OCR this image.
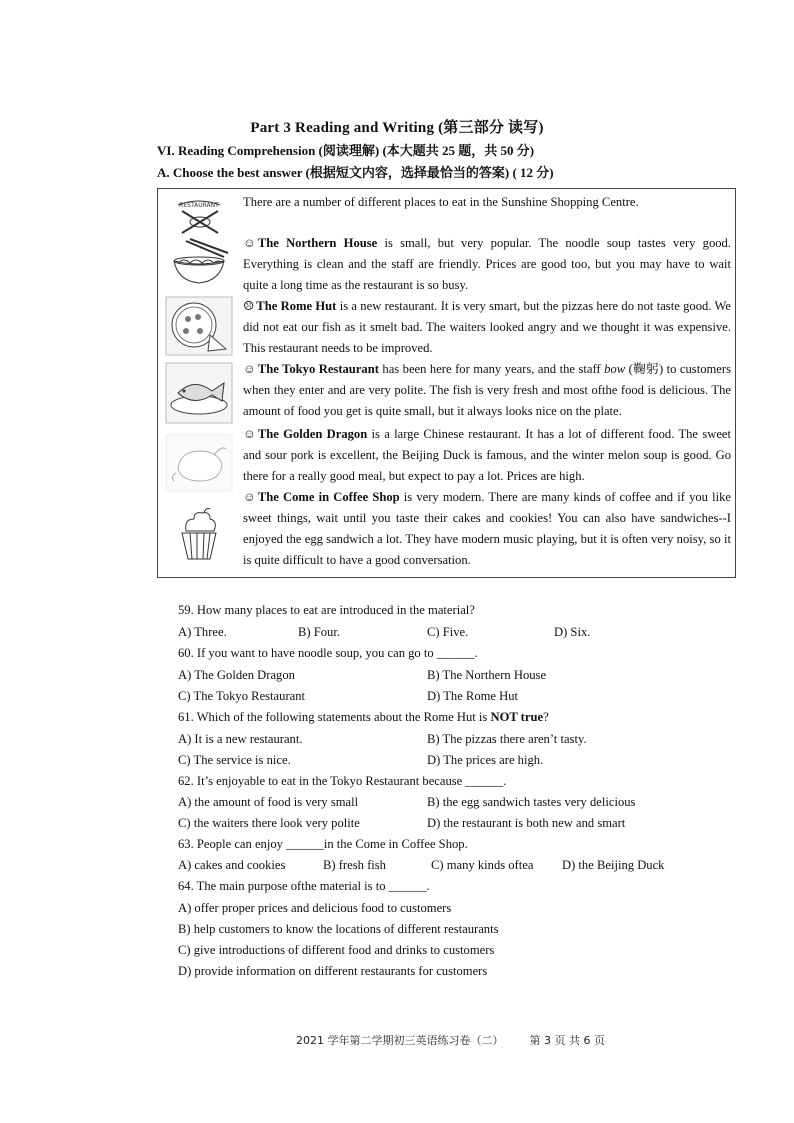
Part 3 Reading and Writing (第三部分 读写)
VI. Reading Comprehension (阅读理解) (本大题共 25 题，共 50 分)
A. Choose the best answer (根据短文内容，选择最恰当的答案) ( 12 分)
RESTAURANT There are a number of different places to eat in the Sunshine Shopping Centre.
☺ The Northern House is small, but very popular. The noodle soup tastes very good. Everything is clean and the staff are friendly. Prices are good too, but you may have to wait quite a long time as the restaurant is so busy.
☹ The Rome Hut is a new restaurant. It is very smart, but the pizzas here do not taste good. We did not eat our fish as it smelt bad. The waiters looked angry and we thought it was expensive. This restaurant needs to be improved.
☺ The Tokyo Restaurant has been here for many years, and the staff bow (鞠躬) to customers when they enter and are very polite. The fish is very fresh and most ofthe food is delicious. The amount of food you get is quite small, but it always looks nice on the plate.
☺ The Golden Dragon is a large Chinese restaurant. It has a lot of different food. The sweet and sour pork is excellent, the Beijing Duck is famous, and the winter melon soup is good. Go there for a really good meal, but expect to pay a lot. Prices are high.
☺ The Come in Coffee Shop is very modern. There are many kinds of coffee and if you like sweet things, wait until you taste their cakes and cookies! You can also have sandwiches--I enjoyed the egg sandwich a lot. They have modern music playing, but it is often very noisy, so it is quite difficult to have a good conversation.
59. How many places to eat are introduced in the material?
A) Three.	B) Four.	C) Five.	D) Six.
60. If you want to have noodle soup, you can go to ______.
A) The Golden Dragon	B) The Northern House
C) The Tokyo Restaurant	D) The Rome Hut
61. Which of the following statements about the Rome Hut is NOT true?
A) It is a new restaurant.	B) The pizzas there aren’t tasty.
C) The service is nice.	D) The prices are high.
62. It’s enjoyable to eat in the Tokyo Restaurant because ______.
A) the amount of food is very small	B) the egg sandwich tastes very delicious
C) the waiters there look very polite	D) the restaurant is both new and smart
63. People can enjoy ______in the Come in Coffee Shop.
A) cakes and cookies	B) fresh fish	C) many kinds oftea D) the Beijing Duck
64. The main purpose ofthe material is to ______.
A) offer proper prices and delicious food to customers
B) help customers to know the locations of different restaurants
C) give introductions of different food and drinks to customers
D) provide information on different restaurants for customers
2021 学年第二学期初三英语练习卷（二） 第 3 页 共 6 页
